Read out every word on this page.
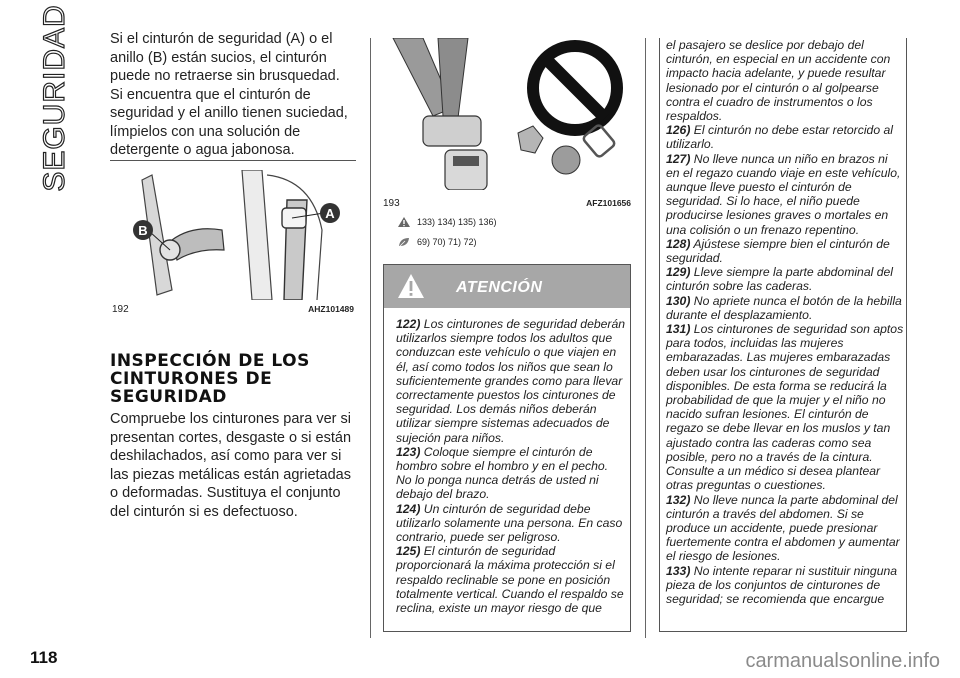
SEGURIDAD	Si el cinturón de seguridad (A) o el anillo (B) están sucios, el cinturón puede no retraerse sin brusquedad. Si encuentra que el cinturón de seguridad y el anillo tienen suciedad, límpielos con una solución de detergente o agua jabonosa.

A
B
192	AHZ101489
INSPECCIÓN DE LOS CINTURONES DE SEGURIDAD

Compruebe los cinturones para ver si presentan cortes, desgaste o si están deshilachados, así como para ver si las piezas metálicas están agrietadas o deformadas. Sustituya el conjunto del cinturón si es defectuoso.

193	AFZ101656
133) 134) 135) 136)
69) 70) 71) 72)
ATENCIÓN

122) Los cinturones de seguridad deberán utilizarlos siempre todos los adultos que conduzcan este vehículo o que viajen en él, así como todos los niños que sean lo suficientemente grandes como para llevar correctamente puestos los cinturones de seguridad. Los demás niños deberán utilizar siempre sistemas adecuados de sujeción para niños.

123) Coloque siempre el cinturón de hombro sobre el hombro y en el pecho. No lo ponga nunca detrás de usted ni debajo del brazo.

124) Un cinturón de seguridad debe utilizarlo solamente una persona. En caso contrario, puede ser peligroso.

125) El cinturón de seguridad proporcionará la máxima protección si el respaldo reclinable se pone en posición totalmente vertical. Cuando el respaldo se reclina, existe un mayor riesgo de que

el pasajero se deslice por debajo del cinturón, en especial en un accidente con impacto hacia adelante, y puede resultar lesionado por el cinturón o al golpearse contra el cuadro de instrumentos o los respaldos.

126) El cinturón no debe estar retorcido al utilizarlo.

127) No lleve nunca un niño en brazos ni en el regazo cuando viaje en este vehículo, aunque lleve puesto el cinturón de seguridad. Si lo hace, el niño puede producirse lesiones graves o mortales en una colisión o un frenazo repentino.

128) Ajústese siempre bien el cinturón de seguridad.

129) Lleve siempre la parte abdominal del cinturón sobre las caderas.

130) No apriete nunca el botón de la hebilla durante el desplazamiento.

131) Los cinturones de seguridad son aptos para todos, incluidas las mujeres embarazadas. Las mujeres embarazadas deben usar los cinturones de seguridad disponibles. De esta forma se reducirá la probabilidad de que la mujer y el niño no nacido sufran lesiones. El cinturón de regazo se debe llevar en los muslos y tan ajustado contra las caderas como sea posible, pero no a través de la cintura. Consulte a un médico si desea plantear otras preguntas o cuestiones.

132) No lleve nunca la parte abdominal del cinturón a través del abdomen. Si se produce un accidente, puede presionar fuertemente contra el abdomen y aumentar el riesgo de lesiones.

133) No intente reparar ni sustituir ninguna pieza de los conjuntos de cinturones de seguridad; se recomienda que encargue

118	carmanualsonline.info
